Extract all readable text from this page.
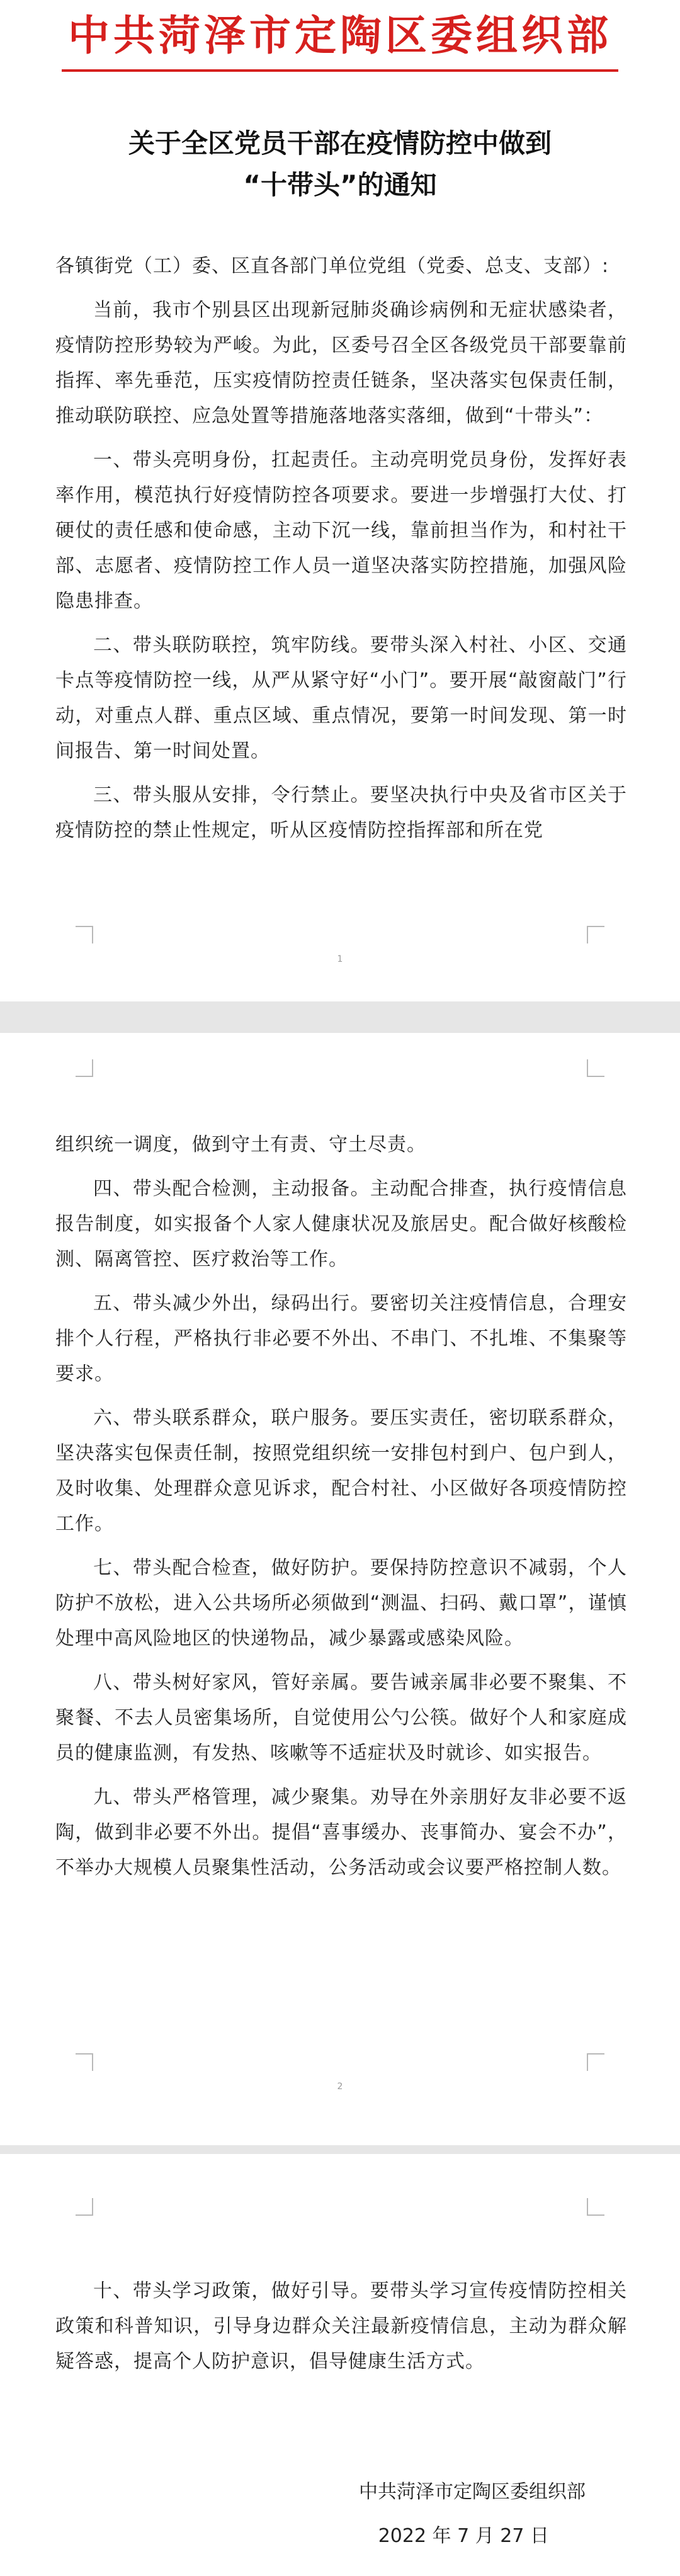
中共菏泽市定陶区委组织部
关于全区党员干部在疫情防控中做到
“十带头”的通知
1

各镇街党（工）委、区直各部门单位党组（党委、总支、支部）:

当前，我市个别县区出现新冠肺炎确诊病例和无症状感染者，疫情防控形势较为严峻。为此，区委号召全区各级党员干部要靠前指挥、率先垂范，压实疫情防控责任链条，坚决落实包保责任制，推动联防联控、应急处置等措施落地落实落细，做到“十带头”：

一、带头亮明身份，扛起责任。主动亮明党员身份，发挥好表率作用，模范执行好疫情防控各项要求。要进一步增强打大仗、打硬仗的责任感和使命感，主动下沉一线，靠前担当作为，和村社干部、志愿者、疫情防控工作人员一道坚决落实防控措施，加强风险隐患排查。

二、带头联防联控，筑牢防线。要带头深入村社、小区、交通卡点等疫情防控一线，从严从紧守好“小门”。要开展“敲窗敲门”行动，对重点人群、重点区域、重点情况，要第一时间发现、第一时间报告、第一时间处置。

三、带头服从安排，令行禁止。要坚决执行中央及省市区关于疫情防控的禁止性规定，听从区疫情防控指挥部和所在党

2

组织统一调度，做到守土有责、守土尽责。

四、带头配合检测，主动报备。主动配合排查，执行疫情信息报告制度，如实报备个人家人健康状况及旅居史。配合做好核酸检测、隔离管控、医疗救治等工作。

五、带头减少外出，绿码出行。要密切关注疫情信息，合理安排个人行程，严格执行非必要不外出、不串门、不扎堆、不集聚等要求。

六、带头联系群众，联户服务。要压实责任，密切联系群众，坚决落实包保责任制，按照党组织统一安排包村到户、包户到人，及时收集、处理群众意见诉求，配合村社、小区做好各项疫情防控工作。

七、带头配合检查，做好防护。要保持防控意识不减弱，个人防护不放松，进入公共场所必须做到“测温、扫码、戴口罩”，谨慎处理中高风险地区的快递物品，减少暴露或感染风险。

八、带头树好家风，管好亲属。要告诫亲属非必要不聚集、不聚餐、不去人员密集场所，自觉使用公勺公筷。做好个人和家庭成员的健康监测，有发热、咳嗽等不适症状及时就诊、如实报告。

九、带头严格管理，减少聚集。劝导在外亲朋好友非必要不返陶，做到非必要不外出。提倡“喜事缓办、丧事简办、宴会不办”，不举办大规模人员聚集性活动，公务活动或会议要严格控制人数。

十、带头学习政策，做好引导。要带头学习宣传疫情防控相关政策和科普知识，引导身边群众关注最新疫情信息，主动为群众解疑答惑，提高个人防护意识，倡导健康生活方式。

中共菏泽市定陶区委组织部
2022 年 7 月 27 日
